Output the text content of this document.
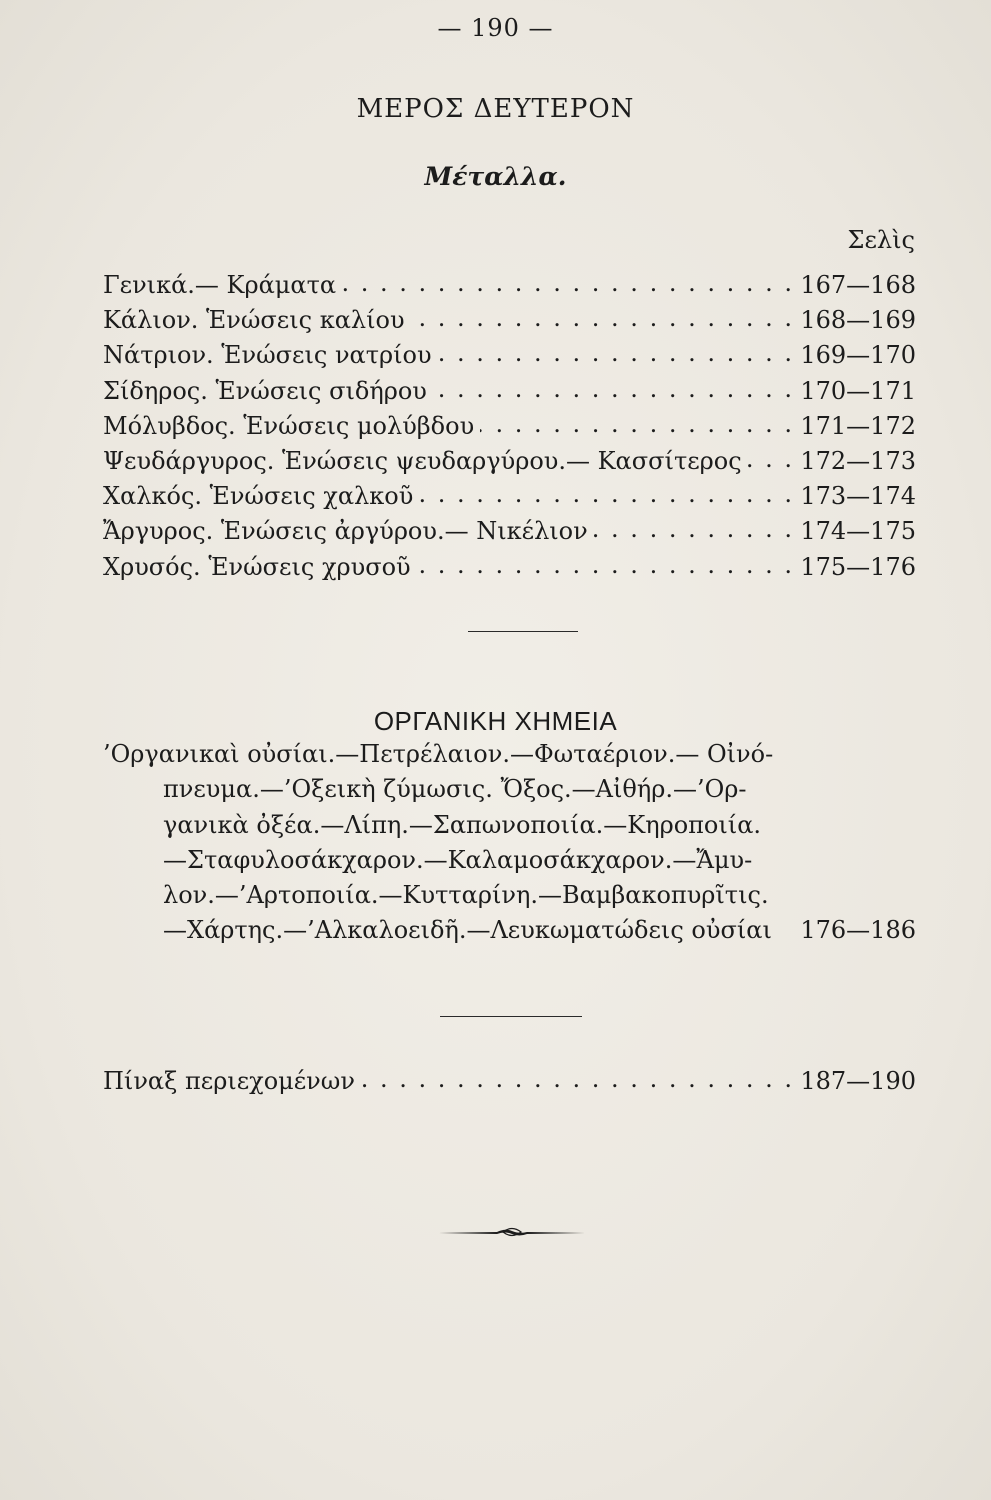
— 190 —
ΜΕΡΟΣ ΔΕΥΤΕΡΟΝ
Μέταλλα.
Σελὶς
Γενικά.— Κράματα . . .	167—168
Κάλιον. Ἑνώσεις καλίου . . .	168—169
Νάτριον. Ἑνώσεις νατρίου . . .	169—170
Σίδηρος. Ἑνώσεις σιδήρου . . .	170—171
Μόλυβδος. Ἑνώσεις μολύβδου . . .	171—172
Ψευδάργυρος. Ἑνώσεις ψευδαργύρου.— Κασσίτερος . . . 172—173
Χαλκός. Ἑνώσεις χαλκοῦ . . .	173—174
Ἄργυρος. Ἑνώσεις ἀργύρου.— Νικέλιον . . .	174—175
Χρυσός. Ἑνώσεις χρυσοῦ . . .	175—176
ΟΡΓΑΝΙΚΗ ΧΗΜΕΙΑ
’Οργανικαὶ οὐσίαι.—Πετρέλαιον.—Φωταέριον.— Οἰνό-
πνευμα.—’Οξεικὴ ζύμωσις. Ὄξος.—Αἰθήρ.—’Ορ-
γανικὰ ὀξέα.—Λίπη.—Σαπωνοποιία.—Κηροποιία.
—Σταφυλοσάκχαρον.—Καλαμοσάκχαρον.—Ἄμυ-
λον.—’Αρτοποιία.—Κυτταρίνη.—Βαμβακοπυρῖτις.
—Χάρτης.—’Αλκαλοειδῆ.—Λευκωματώδεις οὐσίαι 176—186
Πίναξ περιεχομένων . . .	187—190
